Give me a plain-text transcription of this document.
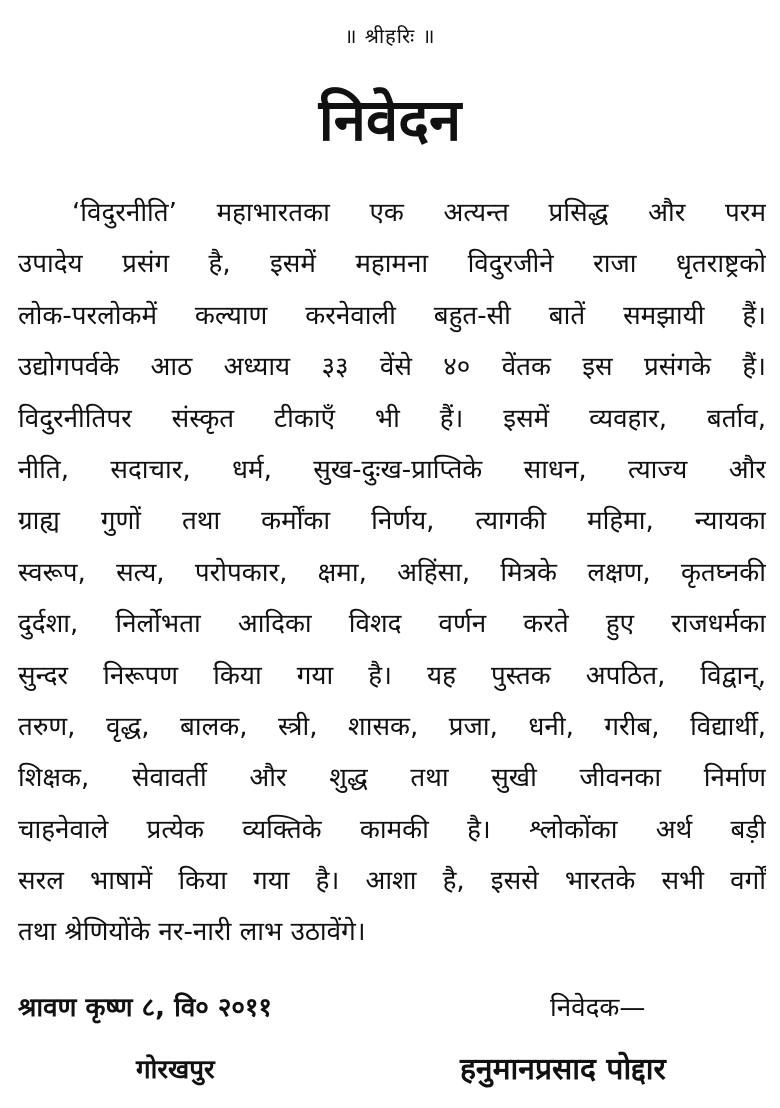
॥ श्रीहरिः ॥
निवेदन
‘विदुरनीति’ महाभारतका एक अत्यन्त प्रसिद्ध और परम
उपादेय प्रसंग है, इसमें महामना विदुरजीने राजा धृतराष्ट्रको
लोक-परलोकमें कल्याण करनेवाली बहुत-सी बातें समझायी हैं।
उद्योगपर्वके आठ अध्याय ३३ वेंसे ४० वेंतक इस प्रसंगके हैं।
विदुरनीतिपर संस्कृत टीकाएँ भी हैं। इसमें व्यवहार, बर्ताव,
नीति, सदाचार, धर्म, सुख-दुःख-प्राप्तिके साधन, त्याज्य और
ग्राह्य गुणों तथा कर्मोंका निर्णय, त्यागकी महिमा, न्यायका
स्वरूप, सत्य, परोपकार, क्षमा, अहिंसा, मित्रके लक्षण, कृतघ्नकी
दुर्दशा, निर्लोभता आदिका विशद वर्णन करते हुए राजधर्मका
सुन्दर निरूपण किया गया है। यह पुस्तक अपठित, विद्वान्,
तरुण, वृद्ध, बालक, स्त्री, शासक, प्रजा, धनी, गरीब, विद्यार्थी,
शिक्षक, सेवावर्ती और शुद्ध तथा सुखी जीवनका निर्माण
चाहनेवाले प्रत्येक व्यक्तिके कामकी है। श्लोकोंका अर्थ बड़ी
सरल भाषामें किया गया है। आशा है, इससे भारतके सभी वर्गों
तथा श्रेणियोंके नर-नारी लाभ उठावेंगे।
श्रावण कृष्ण ८, वि० २०११
गोरखपुर
निवेदक—
हनुमानप्रसाद पोद्दार
